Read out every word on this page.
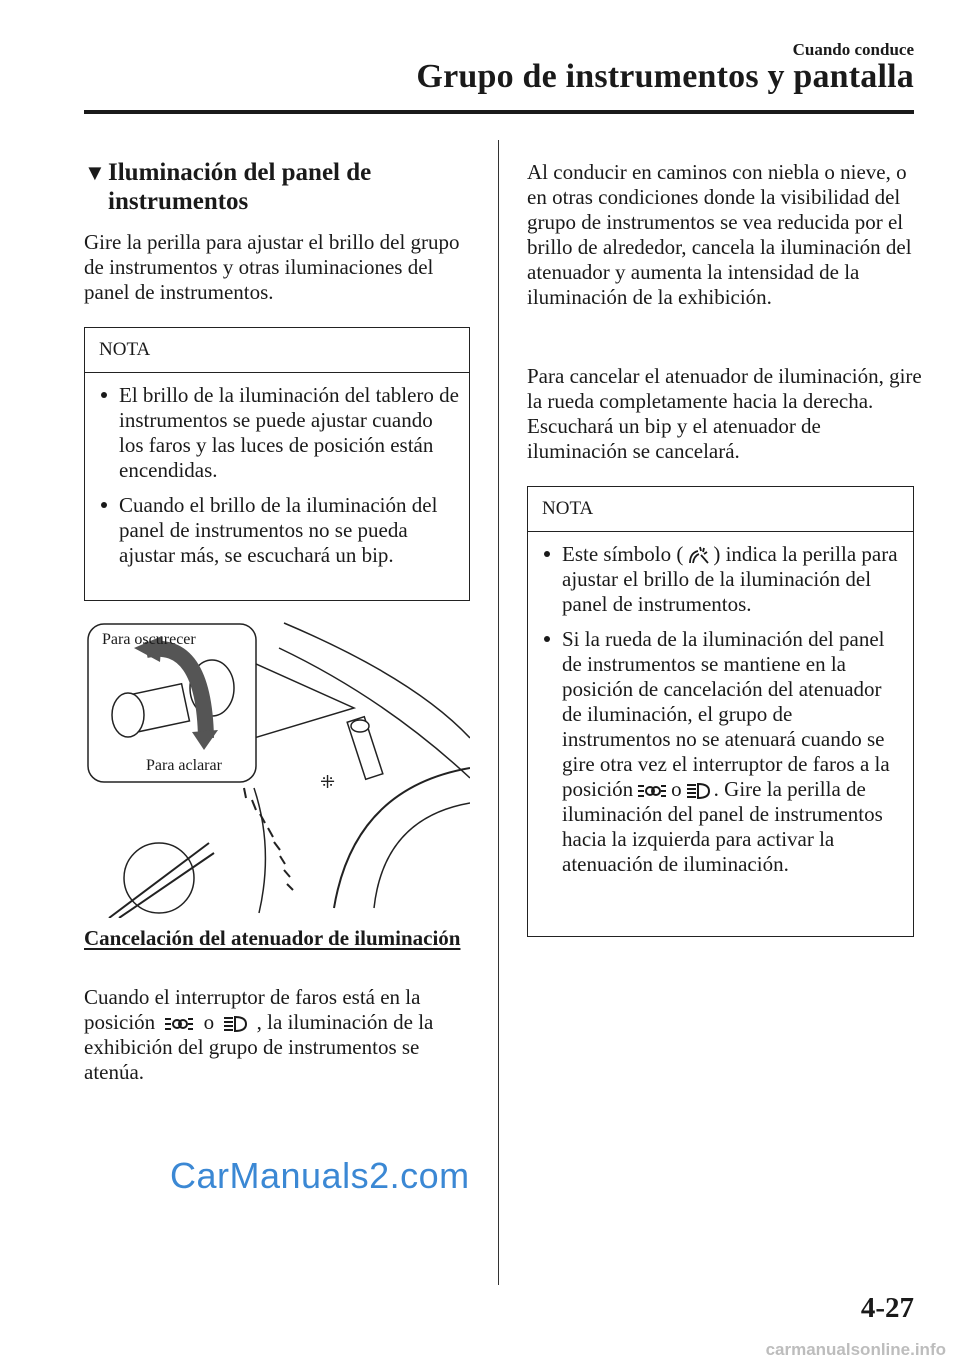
Cuando conduce
Grupo de instrumentos y pantalla
▼Iluminación del panel de
instrumentos
Gire la perilla para ajustar el brillo del grupo de instrumentos y otras iluminaciones del panel de instrumentos.
NOTA
El brillo de la iluminación del tablero de instrumentos se puede ajustar cuando los faros y las luces de posición están encendidas.
Cuando el brillo de la iluminación del panel de instrumentos no se pueda ajustar más, se escuchará un bip.
⁜
Para oscurecer
Para aclarar
Cancelación del atenuador de iluminación
Cuando el interruptor de faros está en la posición o , la iluminación de la exhibición del grupo de instrumentos se atenúa.
Al conducir en caminos con niebla o nieve, o en otras condiciones donde la visibilidad del grupo de instrumentos se vea reducida por el brillo de alrededor, cancela la iluminación del atenuador y aumenta la intensidad de la iluminación de la exhibición.
Para cancelar el atenuador de iluminación, gire la rueda completamente hacia la derecha. Escuchará un bip y el atenuador de iluminación se cancelará.
NOTA
Este símbolo ( ) indica la perilla para ajustar el brillo de la iluminación del panel de instrumentos.
Si la rueda de la iluminación del panel de instrumentos se mantiene en la posición de cancelación del atenuador de iluminación, el grupo de instrumentos no se atenuará cuando se gire otra vez el interruptor de faros a la posición o . Gire la perilla de iluminación del panel de instrumentos hacia la izquierda para activar la atenuación de iluminación.
CarManuals2.com
4-27
carmanualsonline.info
